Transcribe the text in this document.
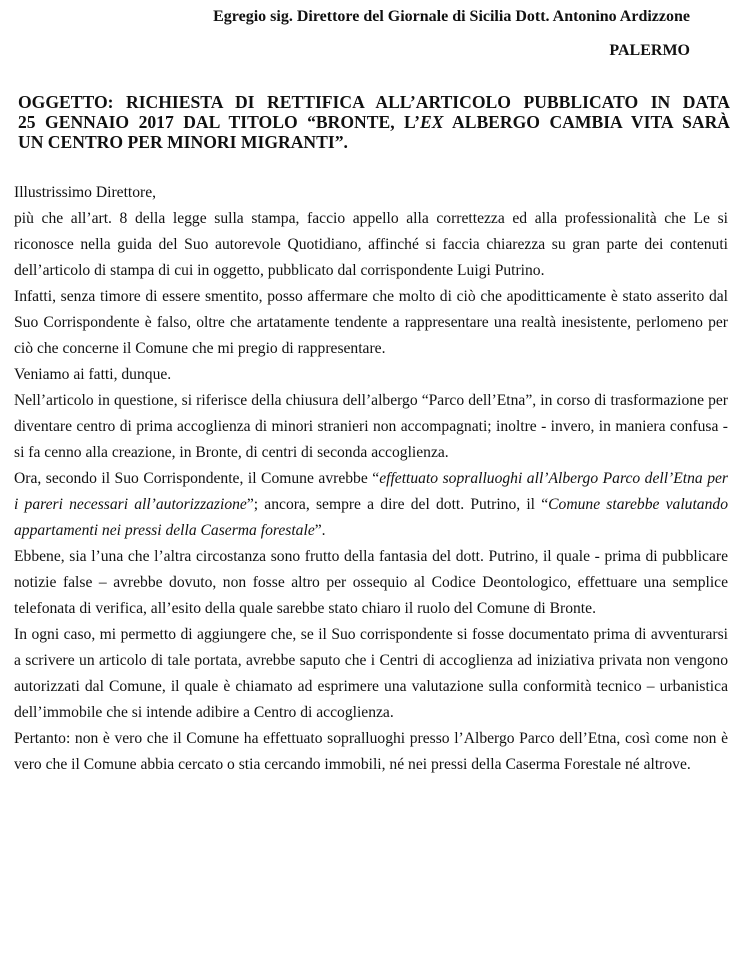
Egregio sig. Direttore del Giornale di Sicilia Dott. Antonino Ardizzone
PALERMO
OGGETTO: RICHIESTA DI RETTIFICA ALL’ARTICOLO PUBBLICATO IN DATA
25 GENNAIO 2017 DAL TITOLO “BRONTE, L’EX ALBERGO CAMBIA VITA SARÀ
UN CENTRO PER MINORI MIGRANTI”.

Illustrissimo Direttore,

più che all’art. 8 della legge sulla stampa, faccio appello alla correttezza ed alla professionalità che Le si riconosce nella guida del Suo autorevole Quotidiano, affinché si faccia chiarezza su gran parte dei contenuti dell’articolo di stampa di cui in oggetto, pubblicato dal corrispondente Luigi Putrino.

Infatti, senza timore di essere smentito, posso affermare che molto di ciò che apoditticamente è stato asserito dal Suo Corrispondente è falso, oltre che artatamente tendente a rappresentare una realtà inesistente, perlomeno per ciò che concerne il Comune che mi pregio di rappresentare.

Veniamo ai fatti, dunque.

Nell’articolo in questione, si riferisce della chiusura dell’albergo “Parco dell’Etna”, in corso di trasformazione per diventare centro di prima accoglienza di minori stranieri non accompagnati; inoltre - invero, in maniera confusa - si fa cenno alla creazione, in Bronte, di centri di seconda accoglienza.

Ora, secondo il Suo Corrispondente, il Comune avrebbe “effettuato sopralluoghi all’Albergo Parco dell’Etna per i pareri necessari all’autorizzazione”; ancora, sempre a dire del dott. Putrino, il “Comune starebbe valutando appartamenti nei pressi della Caserma forestale”.

Ebbene, sia l’una che l’altra circostanza sono frutto della fantasia del dott. Putrino, il quale - prima di pubblicare notizie false – avrebbe dovuto, non fosse altro per ossequio al Codice Deontologico, effettuare una semplice telefonata di verifica, all’esito della quale sarebbe stato chiaro il ruolo del Comune di Bronte.

In ogni caso, mi permetto di aggiungere che, se il Suo corrispondente si fosse documentato prima di avventurarsi a scrivere un articolo di tale portata, avrebbe saputo che i Centri di accoglienza ad iniziativa privata non vengono autorizzati dal Comune, il quale è chiamato ad esprimere una valutazione sulla conformità tecnico – urbanistica dell’immobile che si intende adibire a Centro di accoglienza.

Pertanto: non è vero che il Comune ha effettuato sopralluoghi presso l’Albergo Parco dell’Etna, così come non è vero che il Comune abbia cercato o stia cercando immobili, né nei pressi della Caserma Forestale né altrove.
